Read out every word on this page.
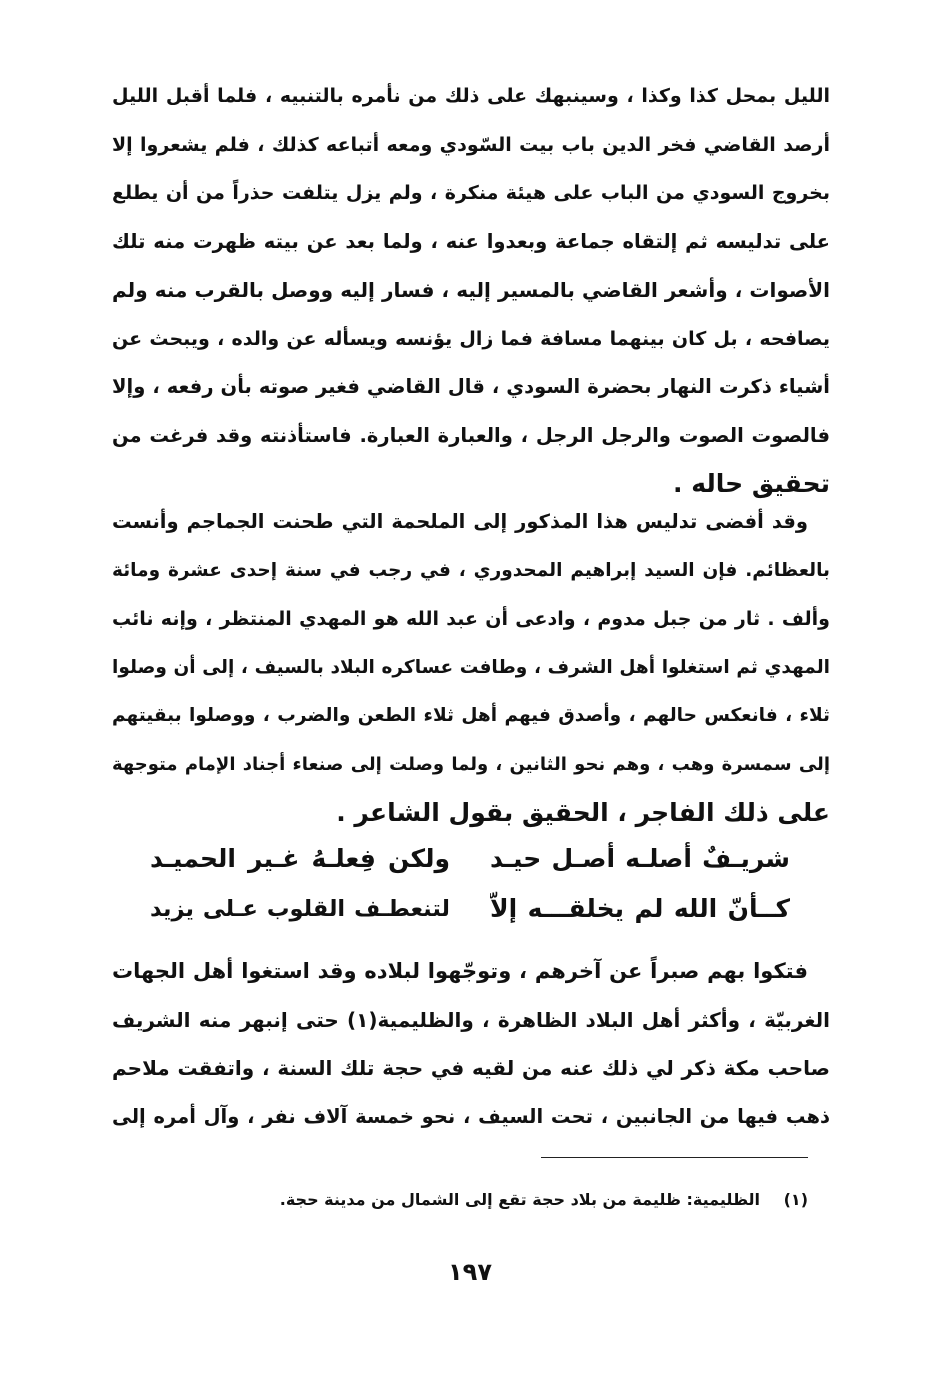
الليل بمحل كذا وكذا ، وسينبهك على ذلك من نأمره بالتنبيه ، فلما أقبل الليل
أرصد القاضي فخر الدين باب بيت السّودي ومعه أتباعه كذلك ، فلم يشعروا إلا
بخروج السودي من الباب على هيئة منكرة ، ولم يزل يتلفت حذراً من أن يطلع
على تدليسه ثم إلتقاه جماعة وبعدوا عنه ، ولما بعد عن بيته ظهرت منه تلك
الأصوات ، وأشعر القاضي بالمسير إليه ، فسار إليه ووصل بالقرب منه ولم
يصافحه ، بل كان بينهما مسافة فما زال يؤنسه ويسأله عن والده ، ويبحث عن
أشياء ذكرت النهار بحضرة السودي ، قال القاضي فغير صوته بأن رفعه ، وإلا
فالصوت الصوت والرجل الرجل ، والعبارة العبارة. فاستأذنته وقد فرغت من
تحقيق حاله .
وقد أفضى تدليس هذا المذكور إلى الملحمة التي طحنت الجماجم وأنست
بالعظائم. فإن السيد إبراهيم المحدوري ، في رجب في سنة إحدى عشرة ومائة
وألف . ثار من جبل مدوم ، وادعى أن عبد الله هو المهدي المنتظر ، وإنه نائب
المهدي ثم استغلوا أهل الشرف ، وطافت عساكره البلاد بالسيف ، إلى أن وصلوا
ثلاء ، فانعكس حالهم ، وأصدق فيهم أهل ثلاء الطعن والضرب ، ووصلوا ببقيتهم
إلى سمسرة وهب ، وهم نحو الثانين ، ولما وصلت إلى صنعاء أجناد الإمام متوجهة
على ذلك الفاجر ، الحقيق بقول الشاعر .
شريـفٌ أصلـه أصـل حيـد
ولكن فِعلـهُ غـير الحميـد
كــأنّ الله لم يخلقـــه إلاّ
لتنعطـف القلوب عـلى يزيد
فتكوا بهم صبراً عن آخرهم ، وتوجّهوا لبلاده وقد استغوا أهل الجهات
الغربيّة ، وأكثر أهل البلاد الظاهرة ، والظليمية(١) حتى إنبهر منه الشريف
صاحب مكة ذكر لي ذلك عنه من لقيه في حجة تلك السنة ، واتفقت ملاحم
ذهب فيها من الجانبين ، تحت السيف ، نحو خمسة آلاف نفر ، وآل أمره إلى
(١) الظليمية: ظليمة من بلاد حجة تقع إلى الشمال من مدينة حجة.
١٩٧
